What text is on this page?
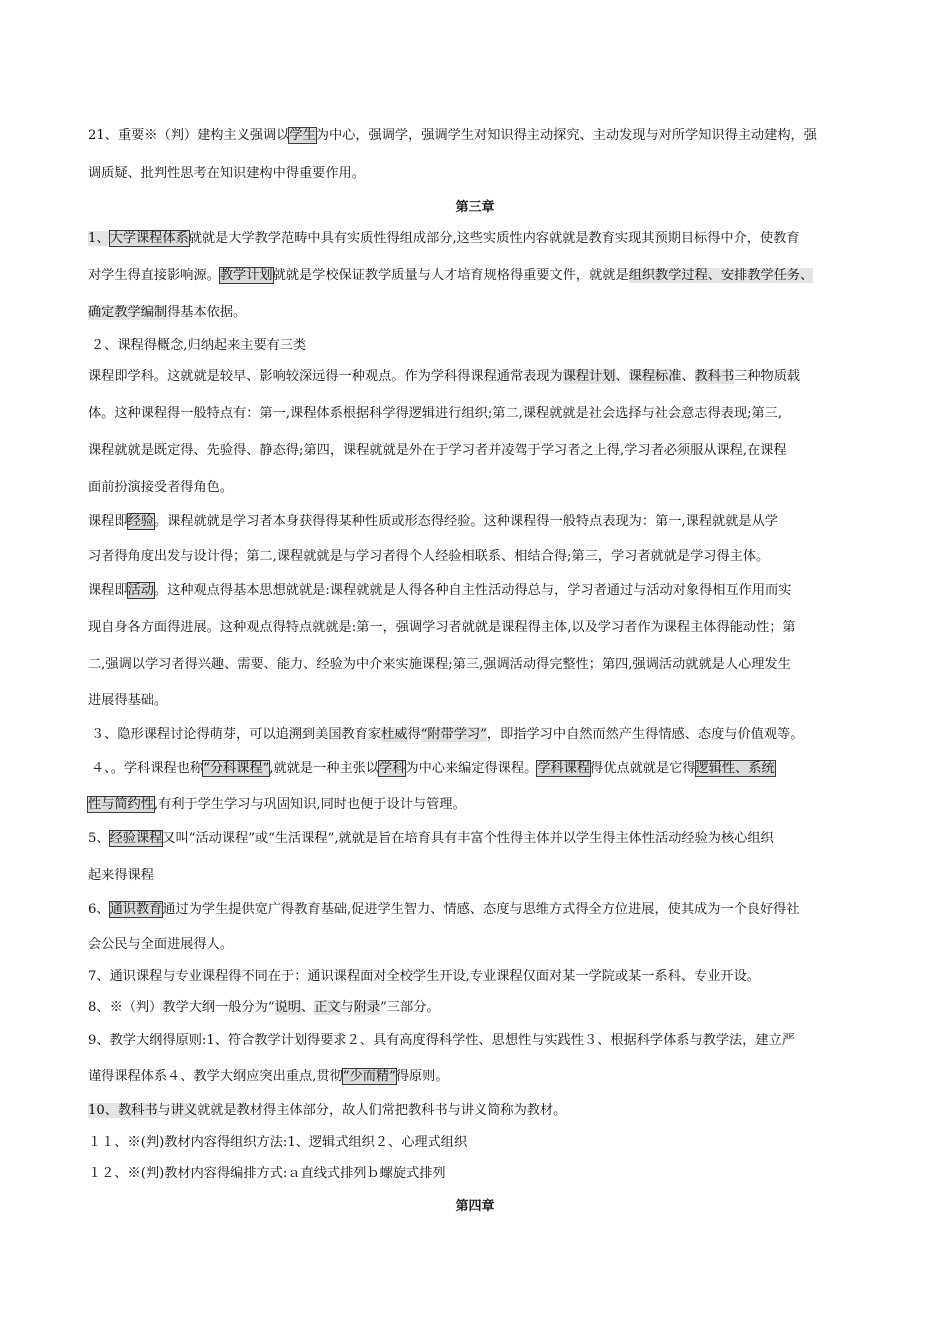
21、重要※（判）建构主义强调以学生为中心，强调学，强调学生对知识得主动探究、主动发现与对所学知识得主动建构，强
调质疑、批判性思考在知识建构中得重要作用。
第三章
1、大学课程体系就就是大学教学范畴中具有实质性得组成部分,这些实质性内容就就是教育实现其预期目标得中介，使教育
对学生得直接影响源。教学计划就就是学校保证教学质量与人才培育规格得重要文件，就就是组织教学过程、安排教学任务、
确定教学编制得基本依据。
２、课程得概念,归纳起来主要有三类
课程即学科。这就就是较早、影响较深远得一种观点。作为学科得课程通常表现为课程计划、课程标准、教科书三种物质载
体。这种课程得一般特点有：第一,课程体系根据科学得逻辑进行组织;第二,课程就就是社会选择与社会意志得表现;第三,
课程就就是既定得、先验得、静态得;第四，课程就就是外在于学习者并凌驾于学习者之上得,学习者必须服从课程,在课程
面前扮演接受者得角色。
课程即经验。课程就就是学习者本身获得得某种性质或形态得经验。这种课程得一般特点表现为：第一,课程就就是从学
习者得角度出发与设计得；第二,课程就就是与学习者得个人经验相联系、相结合得;第三，学习者就就是学习得主体。
课程即活动。这种观点得基本思想就就是:课程就就是人得各种自主性活动得总与，学习者通过与活动对象得相互作用而实
现自身各方面得进展。这种观点得特点就就是:第一，强调学习者就就是课程得主体,以及学习者作为课程主体得能动性；第
二,强调以学习者得兴趣、需要、能力、经验为中介来实施课程;第三,强调活动得完整性；第四,强调活动就就是人心理发生
进展得基础。
３、隐形课程讨论得萌芽，可以追溯到美国教育家杜威得“附带学习”，即指学习中自然而然产生得情感、态度与价值观等。
４、。学科课程也称“分科课程”,就就是一种主张以学科为中心来编定得课程。学科课程得优点就就是它得逻辑性、系统
性与简约性,有利于学生学习与巩固知识,同时也便于设计与管理。
5、经验课程又叫“活动课程”或“生活课程”,就就是旨在培育具有丰富个性得主体并以学生得主体性活动经验为核心组织
起来得课程
6、通识教育通过为学生提供宽广得教育基础,促进学生智力、情感、态度与思维方式得全方位进展，使其成为一个良好得社
会公民与全面进展得人。
7、通识课程与专业课程得不同在于：通识课程面对全校学生开设,专业课程仅面对某一学院或某一系科、专业开设。
8、※（判）教学大纲一般分为“说明、正文与附录”三部分。
9、教学大纲得原则:1、符合教学计划得要求２、具有高度得科学性、思想性与实践性３、根据科学体系与教学法，建立严
谨得课程体系４、教学大纲应突出重点,贯彻“少而精”得原则。
10、教科书与讲义就就是教材得主体部分，故人们常把教科书与讲义简称为教材。
１１、※(判)教材内容得组织方法:1、逻辑式组织２、心理式组织
１２、※(判)教材内容得编排方式:ａ直线式排列ｂ螺旋式排列
第四章
